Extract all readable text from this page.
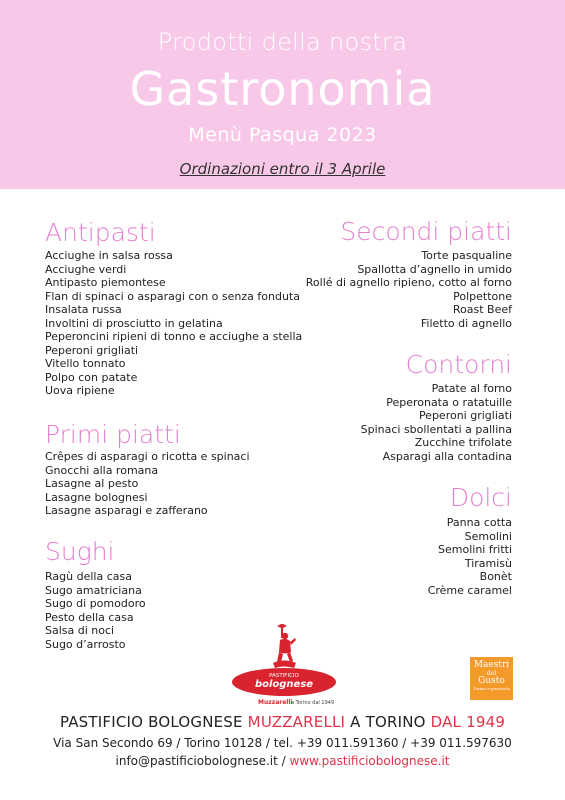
Prodotti della nostra
Gastronomia
Menù Pasqua 2023
Ordinazioni entro il 3 Aprile
Antipasti
Acciughe in salsa rossa
Acciughe verdi
Antipasto piemontese
Flan di spinaci o asparagi con o senza fonduta
Insalata russa
Involtini di prosciutto in gelatina
Peperoncini ripieni di tonno e acciughe a stella
Peperoni grigliati
Vitello tonnato
Polpo con patate
Uova ripiene
Primi piatti
Crêpes di asparagi o ricotta e spinaci
Gnocchi alla romana
Lasagne al pesto
Lasagne bolognesi
Lasagne asparagi e zafferano
Sughi
Ragù della casa
Sugo amatriciana
Sugo di pomodoro
Pesto della casa
Salsa di noci
Sugo d’arrosto
Secondi piatti
Torte pasqualine
Spallotta d’agnello in umido
Rollé di agnello ripieno, cotto al forno
Polpettone
Roast Beef
Filetto di agnello
Contorni
Patate al forno
Peperonata o ratatuille
Peperoni grigliati
Spinaci sbollentati a pallina
Zucchine trifolate
Asparagi alla contadina
Dolci
Panna cotta
Semolini
Semolini fritti
Tiramisù
Bonèt
Crème caramel
PASTIFICIO
bolognese
Muzzarelli
a Torino dal 1949
Maestri
del
Gusto
Torino e provincia
PASTIFICIO BOLOGNESE MUZZARELLI A TORINO DAL 1949
Via San Secondo 69 / Torino 10128 / tel. +39 011.591360 / +39 011.597630
info@pastificiobolognese.it / www.pastificiobolognese.it
